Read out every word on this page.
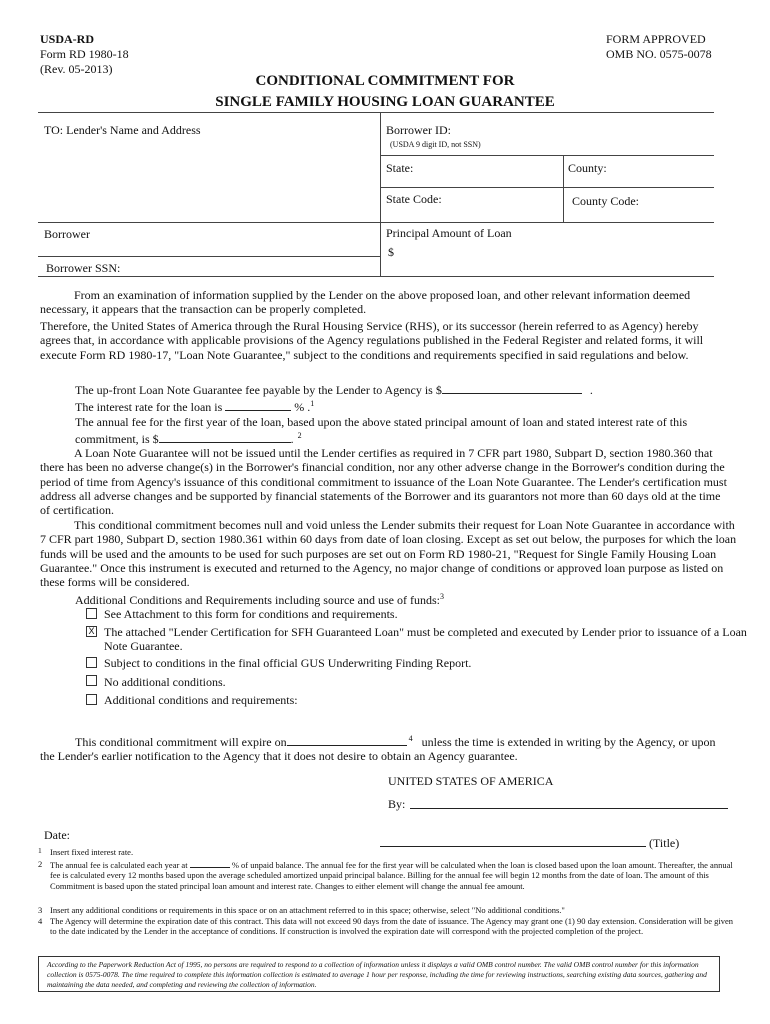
USDA-RD
Form RD 1980-18
(Rev. 05-2013)
FORM APPROVED
OMB NO. 0575-0078
CONDITIONAL COMMITMENT FOR
SINGLE FAMILY HOUSING LOAN GUARANTEE
TO: Lender's Name and Address	Borrower ID:
(USDA 9 digit ID, not SSN)
State:	County:
State Code:	County Code:
Borrower	Principal Amount of Loan
$
Borrower SSN:
From an examination of information supplied by the Lender on the above proposed loan, and other relevant information deemed necessary, it appears that the transaction can be properly completed.
Therefore, the United States of America through the Rural Housing Service (RHS), or its successor (herein referred to as Agency) hereby agrees that, in accordance with applicable provisions of the Agency regulations published in the Federal Register and related forms, it will execute Form RD 1980-17, "Loan Note Guarantee," subject to the conditions and requirements specified in said regulations and below.
The up-front Loan Note Guarantee fee payable by the Lender to Agency is $	.
The interest rate for the loan is	% .$^1$
The annual fee for the first year of the loan, based upon the above stated principal amount of loan and stated interest rate of this
commitment, is $	. $^2$
A Loan Note Guarantee will not be issued until the Lender certifies as required in 7 CFR part 1980, Subpart D, section 1980.360 that there has been no adverse change(s) in the Borrower's financial condition, nor any other adverse change in the Borrower's condition during the period of time from Agency's issuance of this conditional commitment to issuance of the Loan Note Guarantee. The Lender's certification must address all adverse changes and be supported by financial statements of the Borrower and its guarantors not more than 60 days old at the time of certification.
This conditional commitment becomes null and void unless the Lender submits their request for Loan Note Guarantee in accordance with 7 CFR part 1980, Subpart D, section 1980.361 within 60 days from date of loan closing. Except as set out below, the purposes for which the loan funds will be used and the amounts to be used for such purposes are set out on Form RD 1980-21, "Request for Single Family Housing Loan Guarantee." Once this instrument is executed and returned to the Agency, no major change of conditions or approved loan purpose as listed on these forms will be considered.
Additional Conditions and Requirements including source and use of funds:$^3$
See Attachment to this form for conditions and requirements.
X The attached "Lender Certification for SFH Guaranteed Loan" must be completed and executed by Lender prior to issuance of a Loan Note Guarantee.
Subject to conditions in the final official GUS Underwriting Finding Report.
No additional conditions.
Additional conditions and requirements:
This conditional commitment will expire on	$^4$ unless the time is extended in writing by the Agency, or upon
the Lender's earlier notification to the Agency that it does not desire to obtain an Agency guarantee.
UNITED STATES OF AMERICA
By:
Date:
(Title)
1 Insert fixed interest rate.
2 The annual fee is calculated each year at	% of unpaid balance. The annual fee for the first year will be calculated when the loan is closed based upon the loan amount. Thereafter, the annual fee is calculated every 12 months based upon the average scheduled amortized unpaid principal balance. Billing for the annual fee will begin 12 months from the date of loan. The amount of this Commitment is based upon the stated principal loan amount and interest rate. Changes to either element will change the annual fee amount.
3 Insert any additional conditions or requirements in this space or on an attachment referred to in this space; otherwise, select "No additional conditions."
4 The Agency will determine the expiration date of this contract. This data will not exceed 90 days from the date of issuance. The Agency may grant one (1) 90 day extension. Consideration will be given to the date indicated by the Lender in the acceptance of conditions. If construction is involved the expiration date will correspond with the projected completion of the project.
According to the Paperwork Reduction Act of 1995, no persons are required to respond to a collection of information unless it displays a valid OMB control number. The valid OMB control number for this information collection is 0575-0078. The time required to complete this information collection is estimated to average 1 hour per response, including the time for reviewing instructions, searching existing data sources, gathering and maintaining the data needed, and completing and reviewing the collection of information.
